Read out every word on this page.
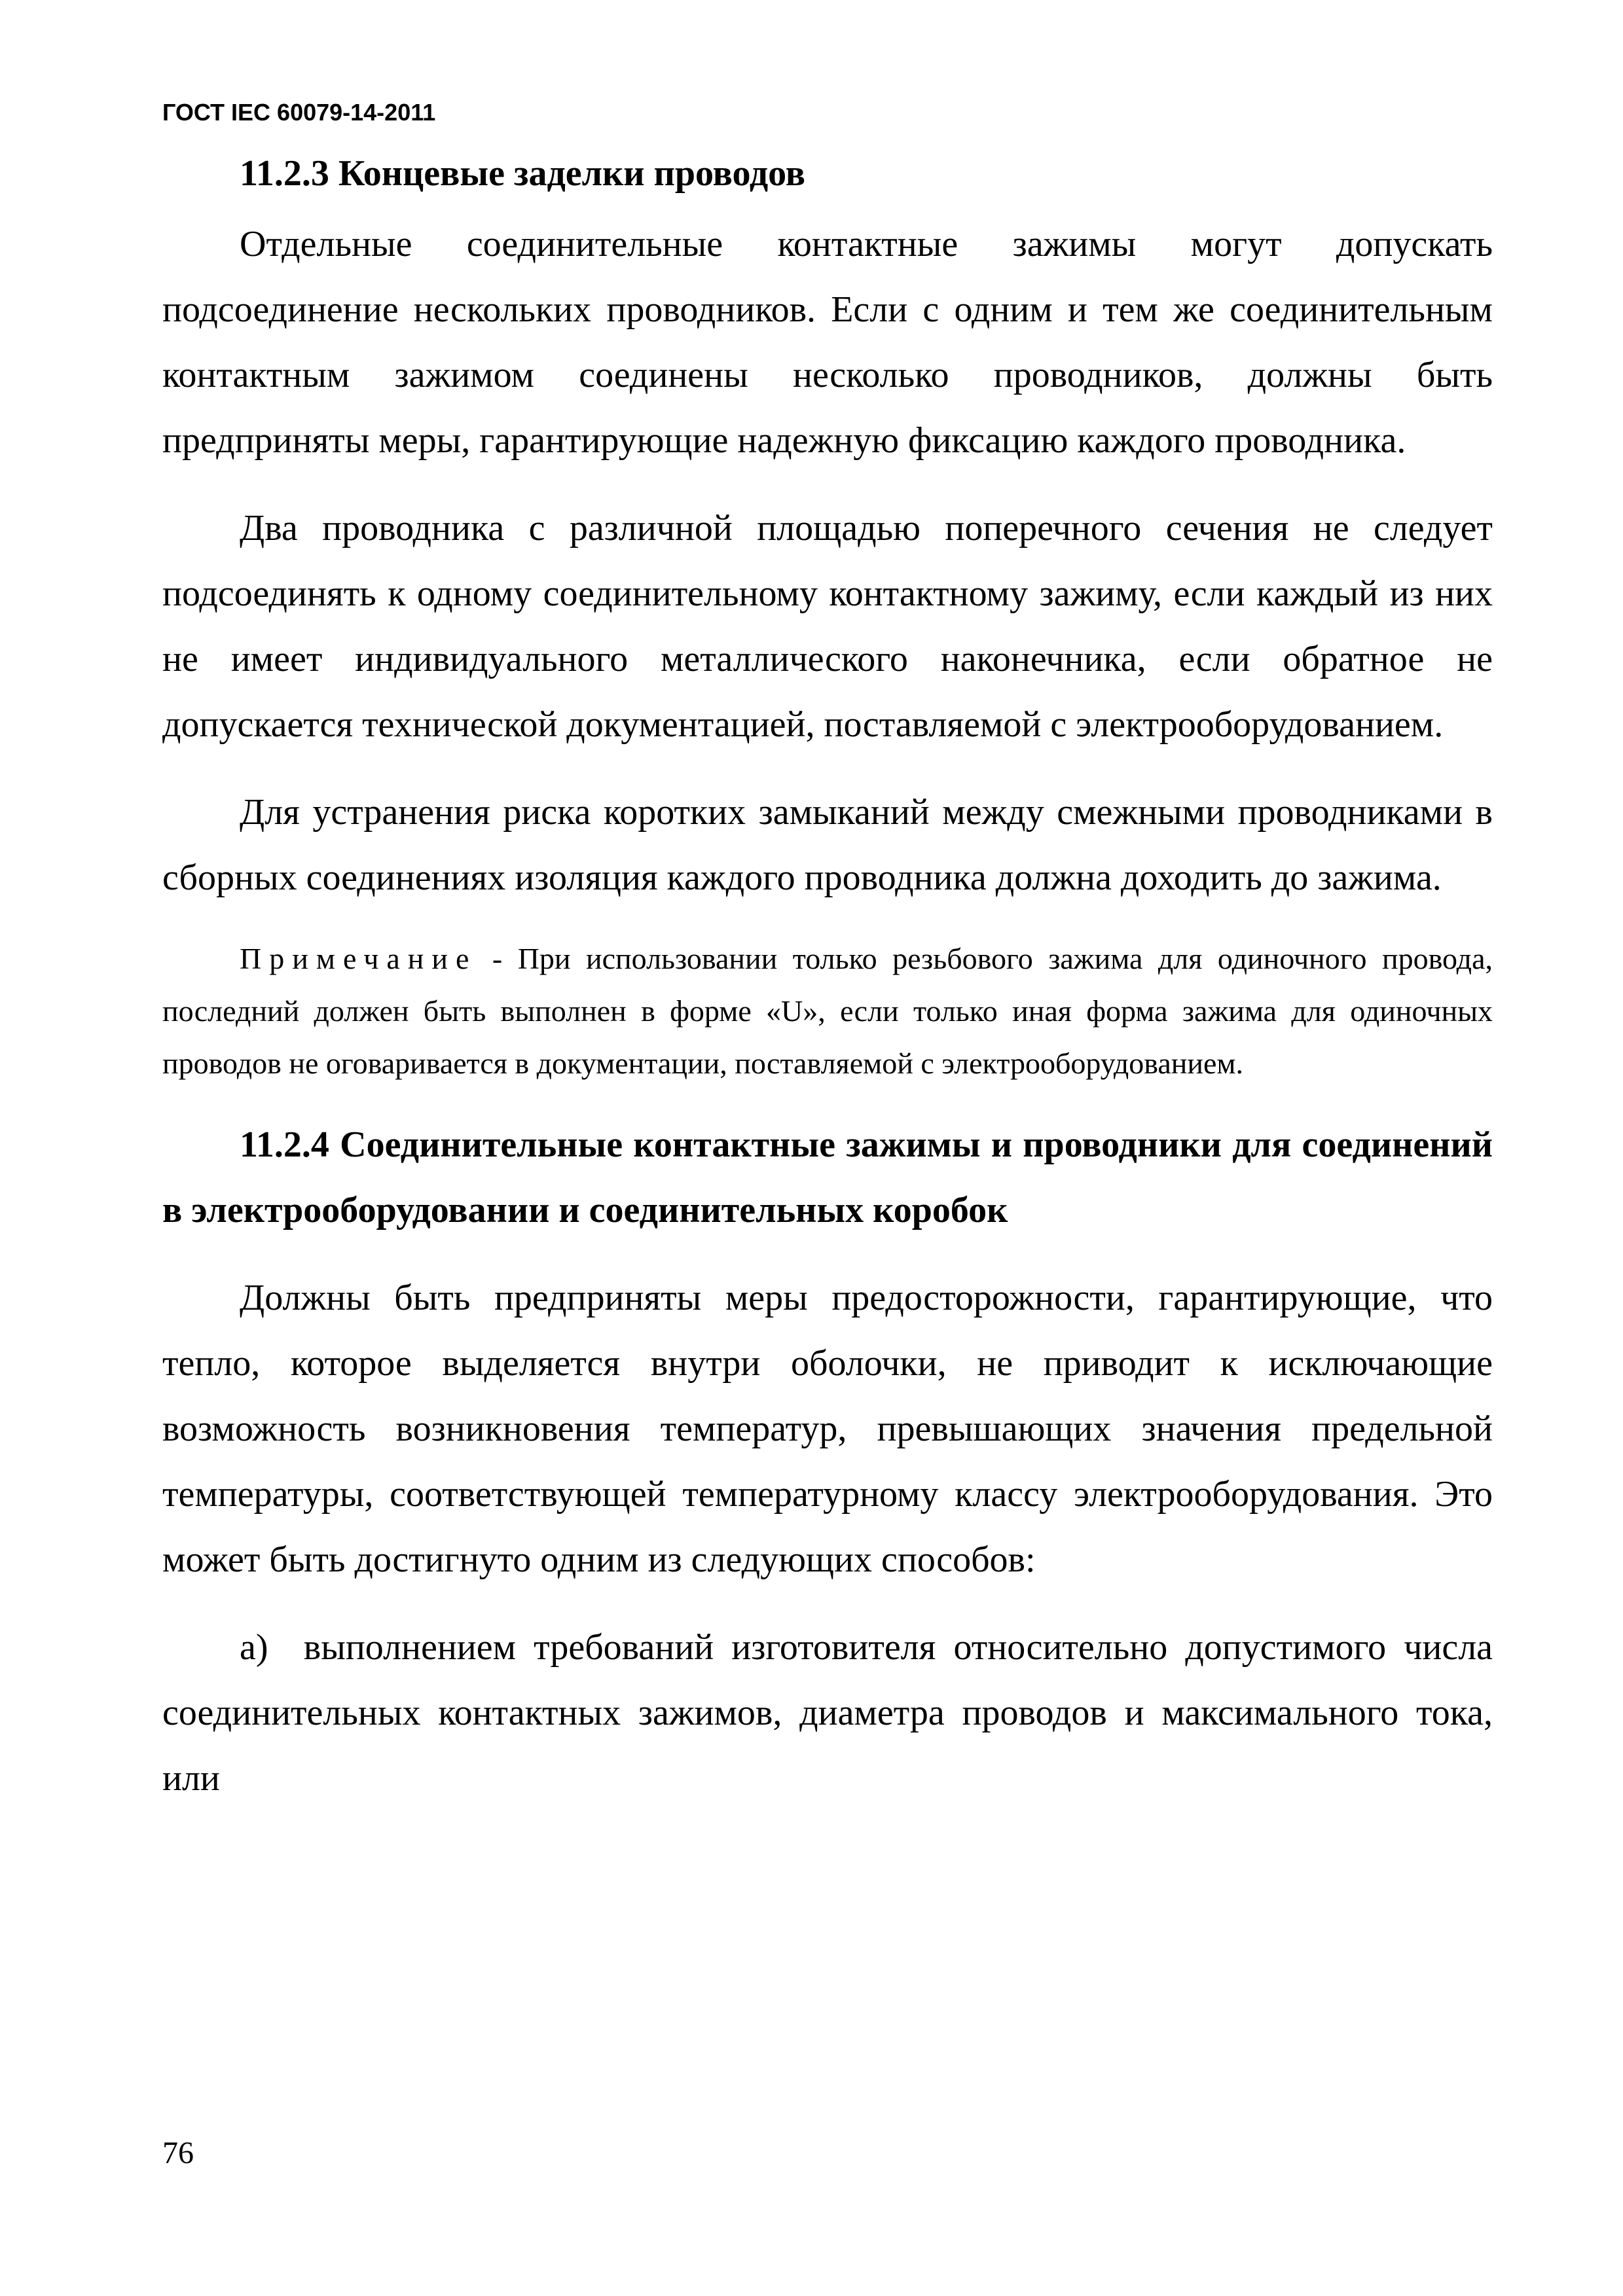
ГОСТ IEC 60079-14-2011

11.2.3 Концевые заделки проводов

Отдельные соединительные контактные зажимы могут допускать подсоединение нескольких проводников. Если с одним и тем же соединительным контактным зажимом соединены несколько проводников, должны быть предприняты меры, гарантирующие надежную фиксацию каждого проводника.

Два проводника с различной площадью поперечного сечения не следует подсоединять к одному соединительному контактному зажиму, если каждый из них не имеет индивидуального металлического наконечника, если обратное не допускается технической документацией, поставляемой с электрооборудованием.

Для устранения риска коротких замыканий между смежными проводниками в сборных соединениях изоляция каждого проводника должна доходить до зажима.

Примечание - При использовании только резьбового зажима для одиночного провода, последний должен быть выполнен в форме «U», если только иная форма зажима для одиночных проводов не оговаривается в документации, поставляемой с электрооборудованием.

11.2.4 Соединительные контактные зажимы и проводники для соединений в электрооборудовании и соединительных коробок

Должны быть предприняты меры предосторожности, гарантирующие, что тепло, которое выделяется внутри оболочки, не приводит к исключающие возможность возникновения температур, превышающих значения предельной температуры, соответствующей температурному классу электрооборудования. Это может быть достигнуто одним из следующих способов:

а) выполнением требований изготовителя относительно допустимого числа соединительных контактных зажимов, диаметра проводов и максимального тока, или

76
